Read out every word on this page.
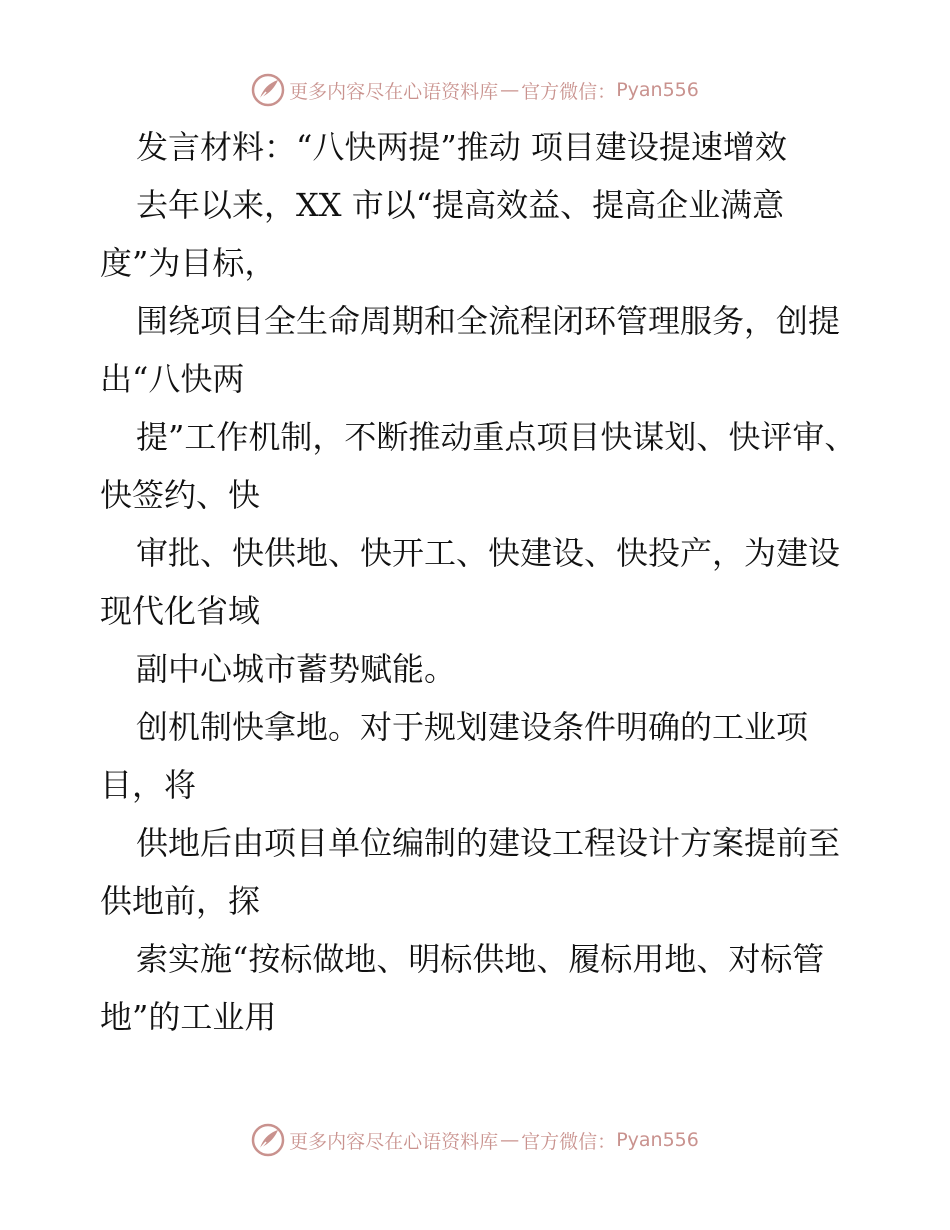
更多内容尽在心语资料库 — 官方微信： Pyan556

发言材料：“八快两提”推动 项目建设提速增效

去年以来，XX 市以“提高效益、提高企业满意度”为目标，

围绕项目全生命周期和全流程闭环管理服务，创提出“八快两

提”工作机制，不断推动重点项目快谋划、快评审、快签约、快

审批、快供地、快开工、快建设、快投产，为建设现代化省域

副中心城市蓄势赋能。

创机制快拿地。对于规划建设条件明确的工业项目，将

供地后由项目单位编制的建设工程设计方案提前至供地前，探

索实施“按标做地、明标供地、履标用地、对标管地”的工业用

更多内容尽在心语资料库 — 官方微信： Pyan556
